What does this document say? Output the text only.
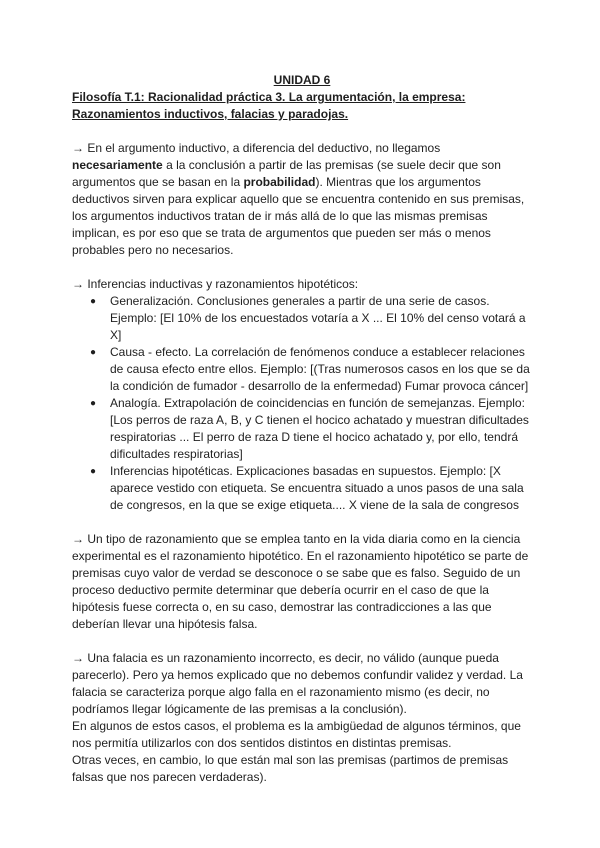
UNIDAD 6

Filosofía T.1: Racionalidad práctica 3. La argumentación, la empresa: Razonamientos inductivos, falacias y paradojas.

→ En el argumento inductivo, a diferencia del deductivo, no llegamos necesariamente a la conclusión a partir de las premisas (se suele decir que son argumentos que se basan en la probabilidad). Mientras que los argumentos deductivos sirven para explicar aquello que se encuentra contenido en sus premisas, los argumentos inductivos tratan de ir más allá de lo que las mismas premisas implican, es por eso que se trata de argumentos que pueden ser más o menos probables pero no necesarios.

→ Inferencias inductivas y razonamientos hipotéticos:

● Generalización. Conclusiones generales a partir de una serie de casos. Ejemplo: [El 10% de los encuestados votaría a X ... El 10% del censo votará a X]
● Causa - efecto. La correlación de fenómenos conduce a establecer relaciones de causa efecto entre ellos. Ejemplo: [(Tras numerosos casos en los que se da la condición de fumador - desarrollo de la enfermedad) Fumar provoca cáncer]
● Analogía. Extrapolación de coincidencias en función de semejanzas. Ejemplo: [Los perros de raza A, B, y C tienen el hocico achatado y muestran dificultades respiratorias ... El perro de raza D tiene el hocico achatado y, por ello, tendrá dificultades respiratorias]
● Inferencias hipotéticas. Explicaciones basadas en supuestos. Ejemplo: [X aparece vestido con etiqueta. Se encuentra situado a unos pasos de una sala de congresos, en la que se exige etiqueta.... X viene de la sala de congresos

→ Un tipo de razonamiento que se emplea tanto en la vida diaria como en la ciencia experimental es el razonamiento hipotético. En el razonamiento hipotético se parte de premisas cuyo valor de verdad se desconoce o se sabe que es falso. Seguido de un proceso deductivo permite determinar que debería ocurrir en el caso de que la hipótesis fuese correcta o, en su caso, demostrar las contradicciones a las que deberían llevar una hipótesis falsa.

→ Una falacia es un razonamiento incorrecto, es decir, no válido (aunque pueda parecerlo). Pero ya hemos explicado que no debemos confundir validez y verdad. La falacia se caracteriza porque algo falla en el razonamiento mismo (es decir, no podríamos llegar lógicamente de las premisas a la conclusión).

En algunos de estos casos, el problema es la ambigüedad de algunos términos, que nos permitía utilizarlos con dos sentidos distintos en distintas premisas.

Otras veces, en cambio, lo que están mal son las premisas (partimos de premisas falsas que nos parecen verdaderas).
